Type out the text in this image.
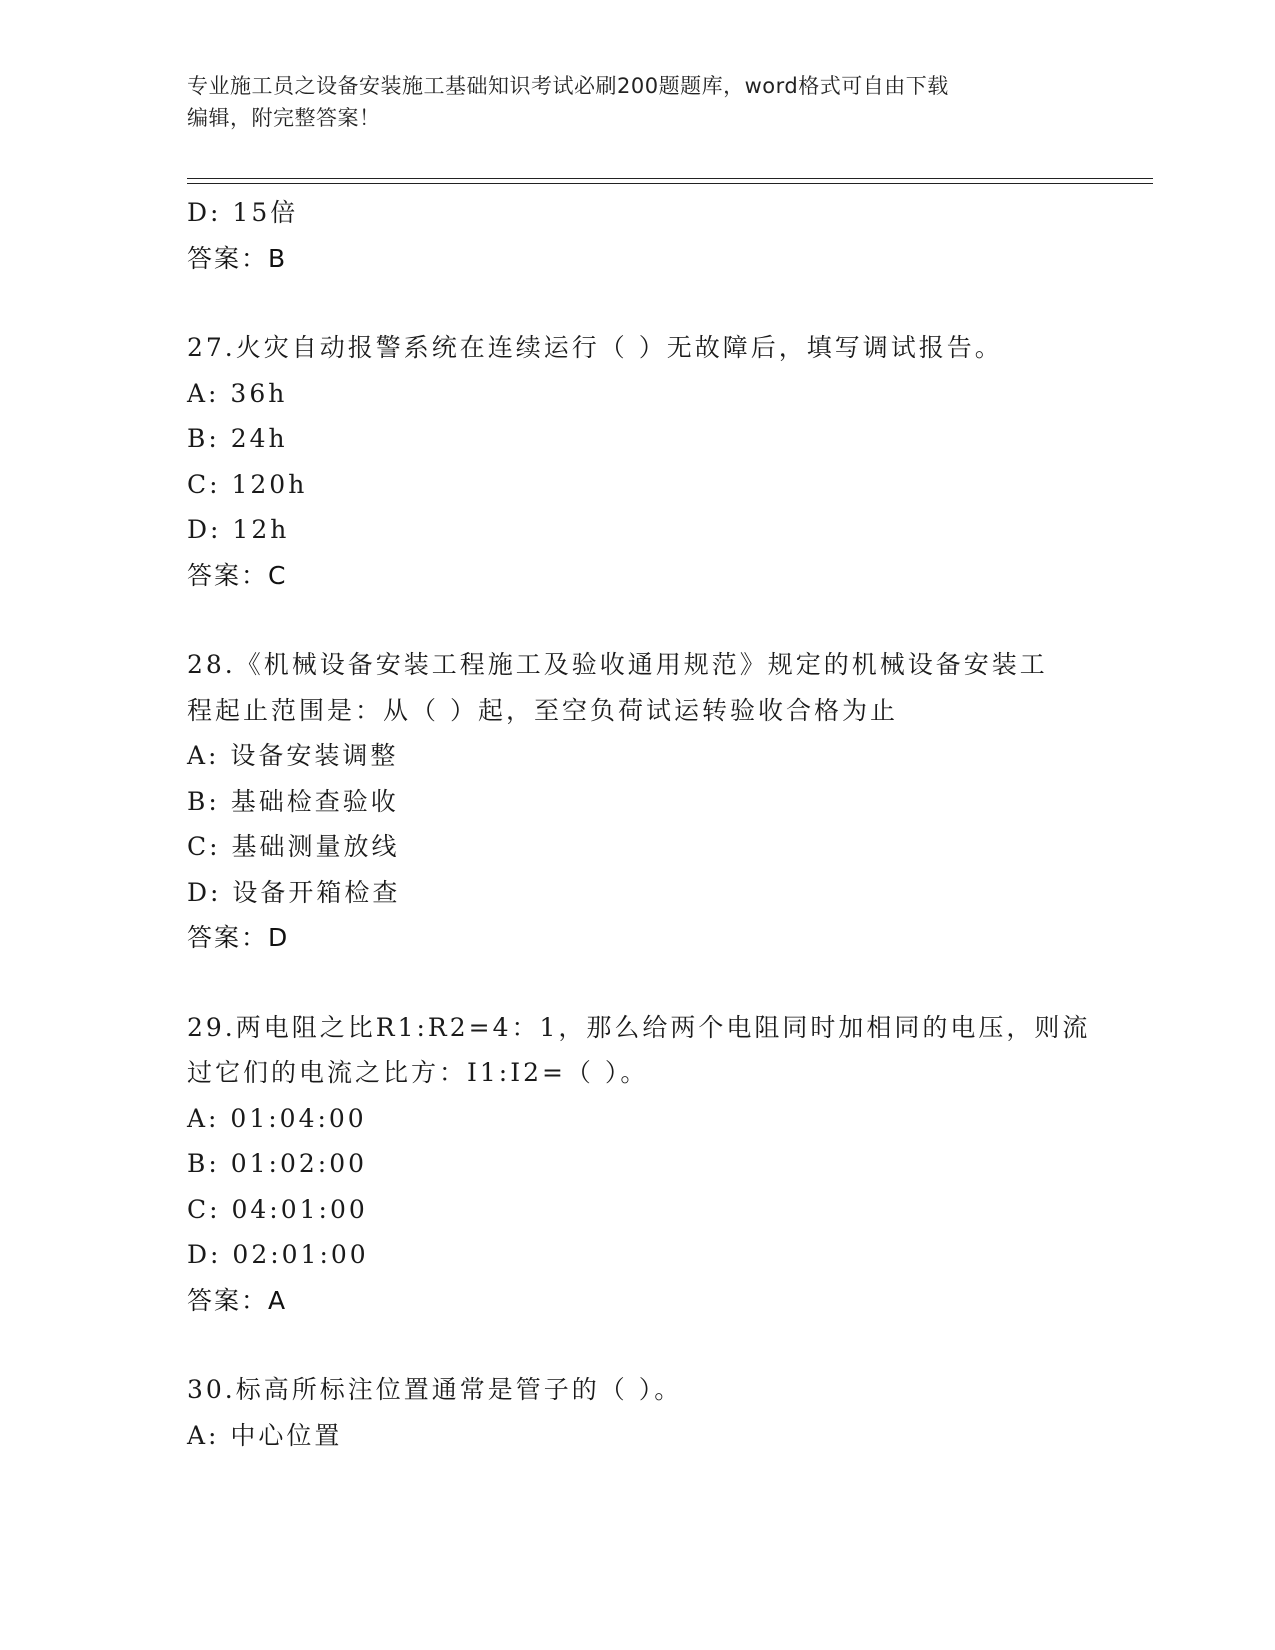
专业施工员之设备安装施工基础知识考试必刷200题题库，word格式可自由下载
编辑，附完整答案！
D: 15倍
答案：B
27.火灾自动报警系统在连续运行（ ）无故障后，填写调试报告。
A: 36h
B: 24h
C: 120h
D: 12h
答案：C
28.《机械设备安装工程施工及验收通用规范》规定的机械设备安装工
程起止范围是：从（ ）起，至空负荷试运转验收合格为止
A: 设备安装调整
B: 基础检查验收
C: 基础测量放线
D: 设备开箱检查
答案：D
29.两电阻之比R1:R2=4：1，那么给两个电阻同时加相同的电压，则流
过它们的电流之比方：I1:I2=（ ）。
A: 01:04:00
B: 01:02:00
C: 04:01:00
D: 02:01:00
答案：A
30.标高所标注位置通常是管子的（ ）。
A: 中心位置
